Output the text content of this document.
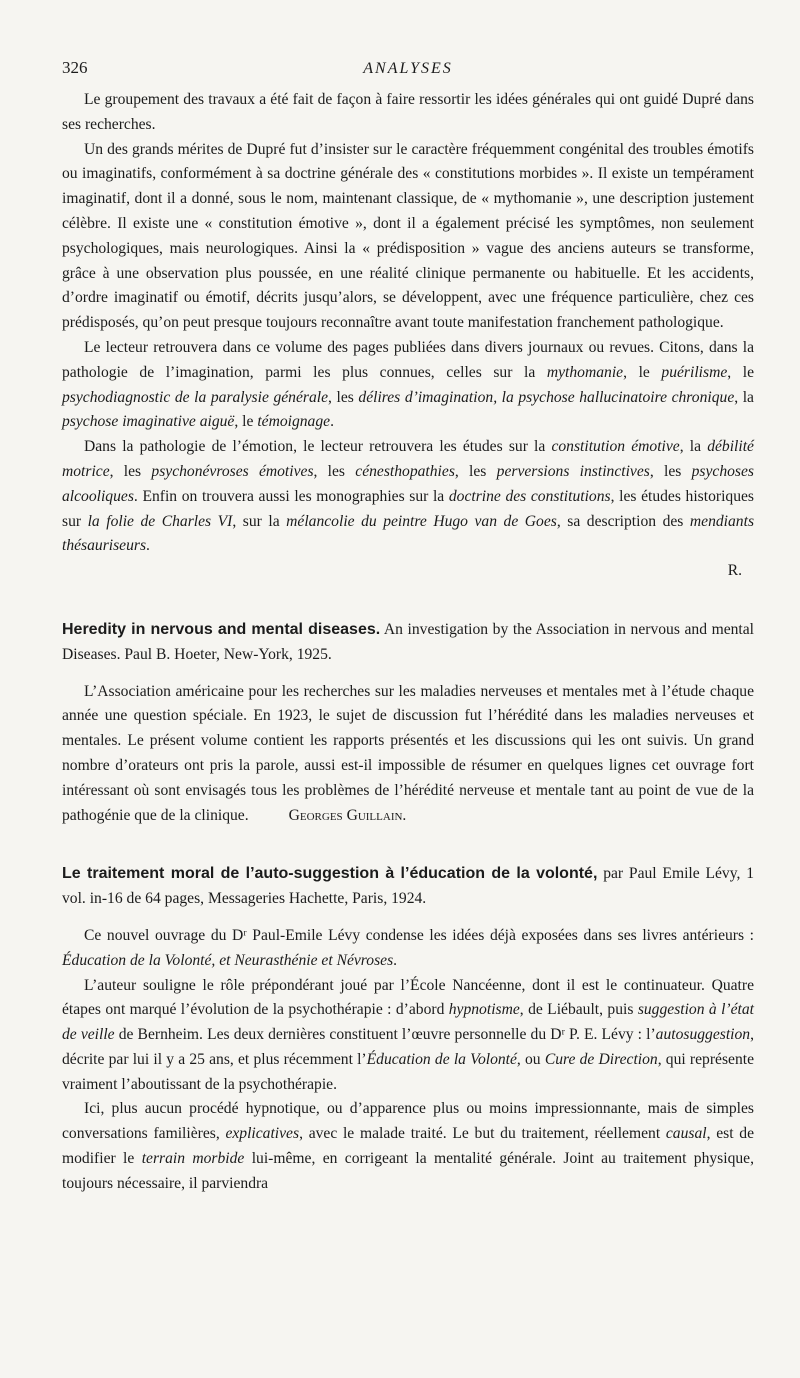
326	ANALYSES

Le groupement des travaux a été fait de façon à faire ressortir les idées générales qui ont guidé Dupré dans ses recherches.

Un des grands mérites de Dupré fut d’insister sur le caractère fréquemment congénital des troubles émotifs ou imaginatifs, conformément à sa doctrine générale des « constitutions morbides ». Il existe un tempérament imaginatif, dont il a donné, sous le nom, maintenant classique, de « mythomanie », une description justement célèbre. Il existe une « constitution émotive », dont il a également précisé les symptômes, non seulement psychologiques, mais neurologiques. Ainsi la « prédisposition » vague des anciens auteurs se transforme, grâce à une observation plus poussée, en une réalité clinique permanente ou habituelle. Et les accidents, d’ordre imaginatif ou émotif, décrits jusqu’alors, se développent, avec une fréquence particulière, chez ces prédisposés, qu’on peut presque toujours reconnaître avant toute manifestation franchement pathologique.

Le lecteur retrouvera dans ce volume des pages publiées dans divers journaux ou revues. Citons, dans la pathologie de l’imagination, parmi les plus connues, celles sur la mythomanie, le puérilisme, le psychodiagnostic de la paralysie générale, les délires d’imagination, la psychose hallucinatoire chronique, la psychose imaginative aiguë, le témoignage.

Dans la pathologie de l’émotion, le lecteur retrouvera les études sur la constitution émotive, la débilité motrice, les psychonévroses émotives, les cénesthopathies, les perversions instinctives, les psychoses alcooliques. Enfin on trouvera aussi les monographies sur la doctrine des constitutions, les études historiques sur la folie de Charles VI, sur la mélancolie du peintre Hugo van de Goes, sa description des mendiants thésauriseurs.

R.

Heredity in nervous and mental diseases. An investigation by the Association in nervous and mental Diseases. Paul B. Hoeter, New-York, 1925.

L’Association américaine pour les recherches sur les maladies nerveuses et mentales met à l’étude chaque année une question spéciale. En 1923, le sujet de discussion fut l’hérédité dans les maladies nerveuses et mentales. Le présent volume contient les rapports présentés et les discussions qui les ont suivis. Un grand nombre d’orateurs ont pris la parole, aussi est-il impossible de résumer en quelques lignes cet ouvrage fort intéressant où sont envisagés tous les problèmes de l’hérédité nerveuse et mentale tant au point de vue de la pathogénie que de la clinique.	Georges Guillain.

Le traitement moral de l’auto-suggestion à l’éducation de la volonté, par Paul Emile Lévy, 1 vol. in-16 de 64 pages, Messageries Hachette, Paris, 1924.

Ce nouvel ouvrage du Dʳ Paul-Emile Lévy condense les idées déjà exposées dans ses livres antérieurs : Éducation de la Volonté, et Neurasthénie et Névroses.

L’auteur souligne le rôle prépondérant joué par l’École Nancéenne, dont il est le continuateur. Quatre étapes ont marqué l’évolution de la psychothérapie : d’abord hypnotisme, de Liébault, puis suggestion à l’état de veille de Bernheim. Les deux dernières constituent l’œuvre personnelle du Dʳ P. E. Lévy : l’autosuggestion, décrite par lui il y a 25 ans, et plus récemment l’Éducation de la Volonté, ou Cure de Direction, qui représente vraiment l’aboutissant de la psychothérapie.

Ici, plus aucun procédé hypnotique, ou d’apparence plus ou moins impressionnante, mais de simples conversations familières, explicatives, avec le malade traité. Le but du traitement, réellement causal, est de modifier le terrain morbide lui-même, en corrigeant la mentalité générale. Joint au traitement physique, toujours nécessaire, il parviendra
